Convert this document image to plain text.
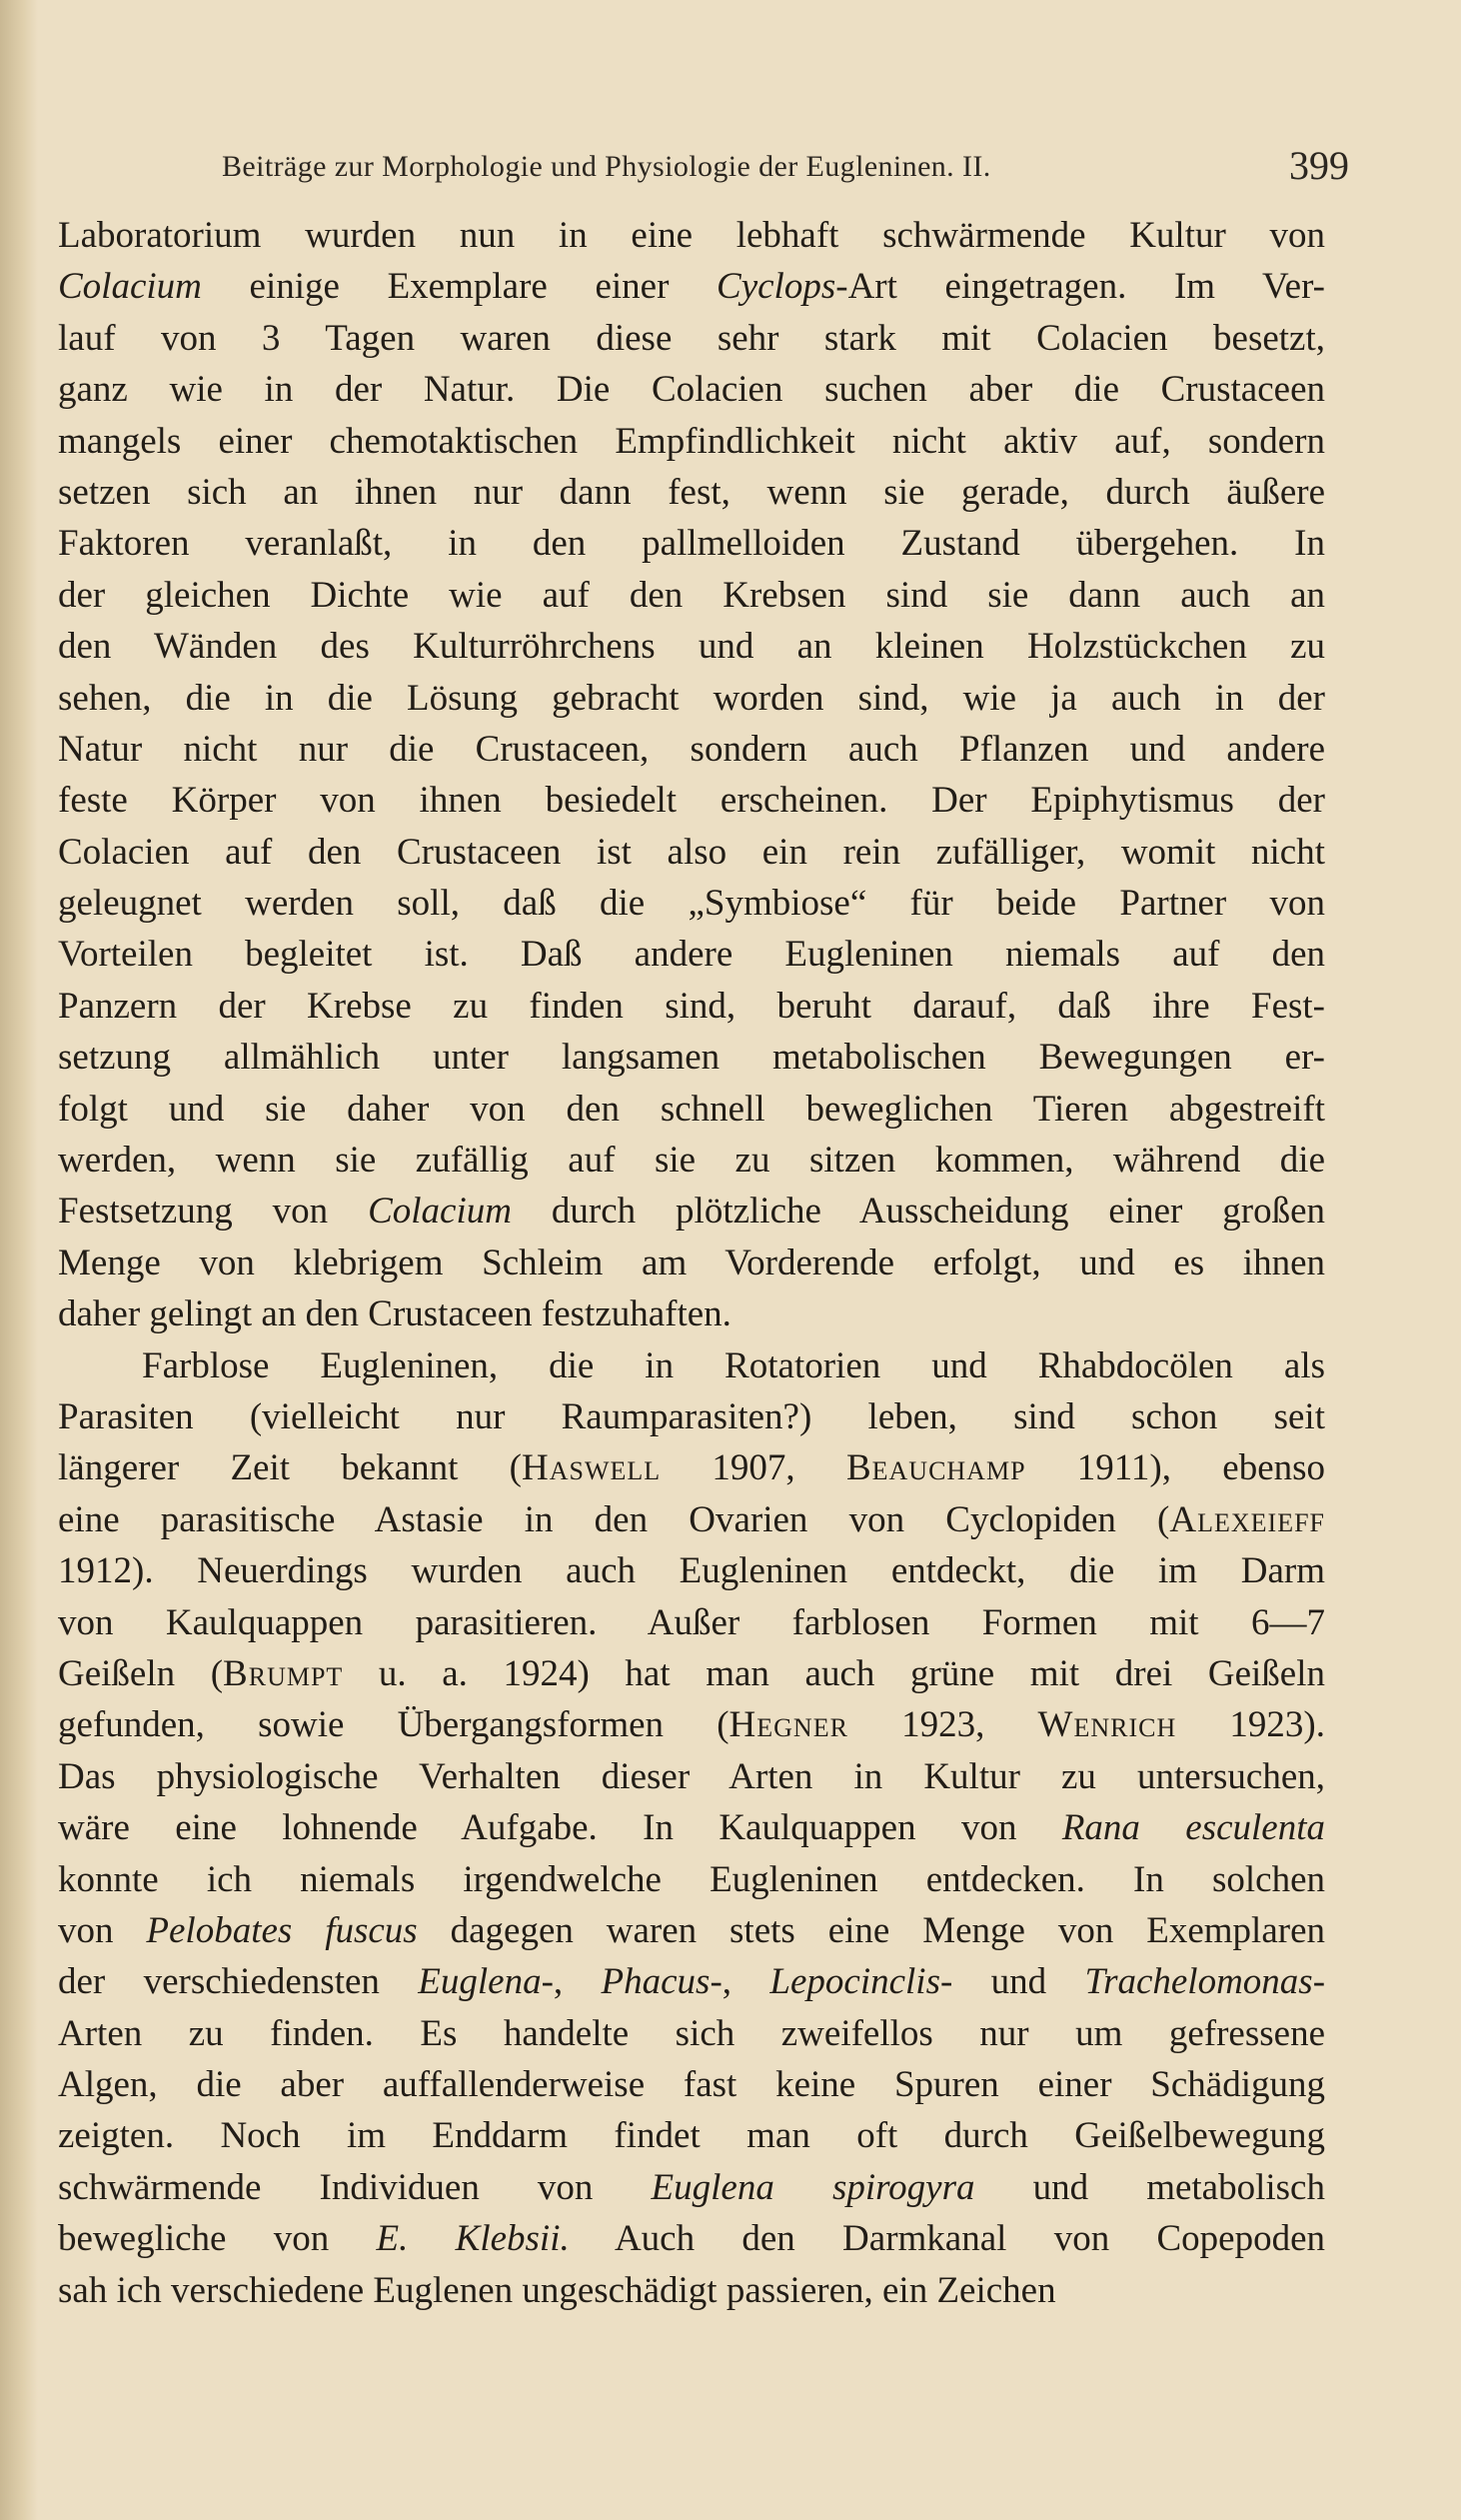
Beiträge zur Morphologie und Physiologie der Eugleninen. II.	399
Laboratorium wurden nun in eine lebhaft schwärmende Kultur von
Colacium einige Exemplare einer Cyclops-Art eingetragen. Im Ver-
lauf von 3 Tagen waren diese sehr stark mit Colacien besetzt,
ganz wie in der Natur. Die Colacien suchen aber die Crustaceen
mangels einer chemotaktischen Empfindlichkeit nicht aktiv auf, sondern
setzen sich an ihnen nur dann fest, wenn sie gerade, durch äußere
Faktoren veranlaßt, in den pallmelloiden Zustand übergehen. In
der gleichen Dichte wie auf den Krebsen sind sie dann auch an
den Wänden des Kulturröhrchens und an kleinen Holzstückchen zu
sehen, die in die Lösung gebracht worden sind, wie ja auch in der
Natur nicht nur die Crustaceen, sondern auch Pflanzen und andere
feste Körper von ihnen besiedelt erscheinen. Der Epiphytismus der
Colacien auf den Crustaceen ist also ein rein zufälliger, womit nicht
geleugnet werden soll, daß die „Symbiose“ für beide Partner von
Vorteilen begleitet ist. Daß andere Eugleninen niemals auf den
Panzern der Krebse zu finden sind, beruht darauf, daß ihre Fest-
setzung allmählich unter langsamen metabolischen Bewegungen er-
folgt und sie daher von den schnell beweglichen Tieren abgestreift
werden, wenn sie zufällig auf sie zu sitzen kommen, während die
Festsetzung von Colacium durch plötzliche Ausscheidung einer großen
Menge von klebrigem Schleim am Vorderende erfolgt, und es ihnen
daher gelingt an den Crustaceen festzuhaften.
Farblose Eugleninen, die in Rotatorien und Rhabdocölen als
Parasiten (vielleicht nur Raumparasiten?) leben, sind schon seit
längerer Zeit bekannt (Haswell 1907, Beauchamp 1911), ebenso
eine parasitische Astasie in den Ovarien von Cyclopiden (Alexeieff
1912). Neuerdings wurden auch Eugleninen entdeckt, die im Darm
von Kaulquappen parasitieren. Außer farblosen Formen mit 6—7
Geißeln (Brumpt u. a. 1924) hat man auch grüne mit drei Geißeln
gefunden, sowie Übergangsformen (Hegner 1923, Wenrich 1923).
Das physiologische Verhalten dieser Arten in Kultur zu untersuchen,
wäre eine lohnende Aufgabe. In Kaulquappen von Rana esculenta
konnte ich niemals irgendwelche Eugleninen entdecken. In solchen
von Pelobates fuscus dagegen waren stets eine Menge von Exemplaren
der verschiedensten Euglena-, Phacus-, Lepocinclis- und Trachelomonas-
Arten zu finden. Es handelte sich zweifellos nur um gefressene
Algen, die aber auffallenderweise fast keine Spuren einer Schädigung
zeigten. Noch im Enddarm findet man oft durch Geißelbewegung
schwärmende Individuen von Euglena spirogyra und metabolisch
bewegliche von E. Klebsii. Auch den Darmkanal von Copepoden
sah ich verschiedene Euglenen ungeschädigt passieren, ein Zeichen
